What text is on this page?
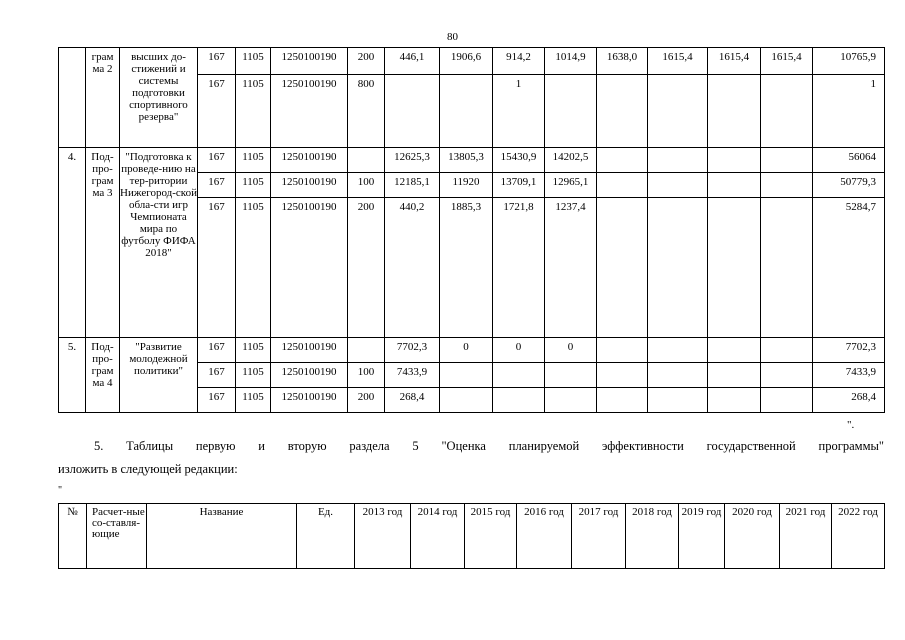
80
	грам ма 2	высших до-стижений и системы подготовки спортивного резерва"	167	1105	1250100190	200	446,1	1906,6	914,2	1014,9	1638,0	1615,4	1615,4	1615,4	10765,9
			167	1105	1250100190	800			1						1
4.	Под-про-грам ма 3	"Подготовка к проведе-нию на тер-ритории Нижегород-ской обла-сти игр Чемпионата мира по футболу ФИФА 2018"	167	1105	1250100190		12625,3	13805,3	15430,9	14202,5					56064
			167	1105	1250100190	100	12185,1	11920	13709,1	12965,1					50779,3
			167	1105	1250100190	200	440,2	1885,3	1721,8	1237,4					5284,7
5.	Под-про-грам ма 4	"Развитие молодежной политики"	167	1105	1250100190		7702,3	0	0	0					7702,3
			167	1105	1250100190	100	7433,9								7433,9
			167	1105	1250100190	200	268,4								268,4
".
5. Таблицы первую и вторую раздела 5 "Оценка планируемой эффективности государственной программы"
изложить в следующей редакции:
"
№	Расчет-ные со-ставля-ющие	Название	Ед.	2013 год	2014 год	2015 год	2016 год	2017 год	2018 год	2019 год	2020 год	2021 год	2022 год
